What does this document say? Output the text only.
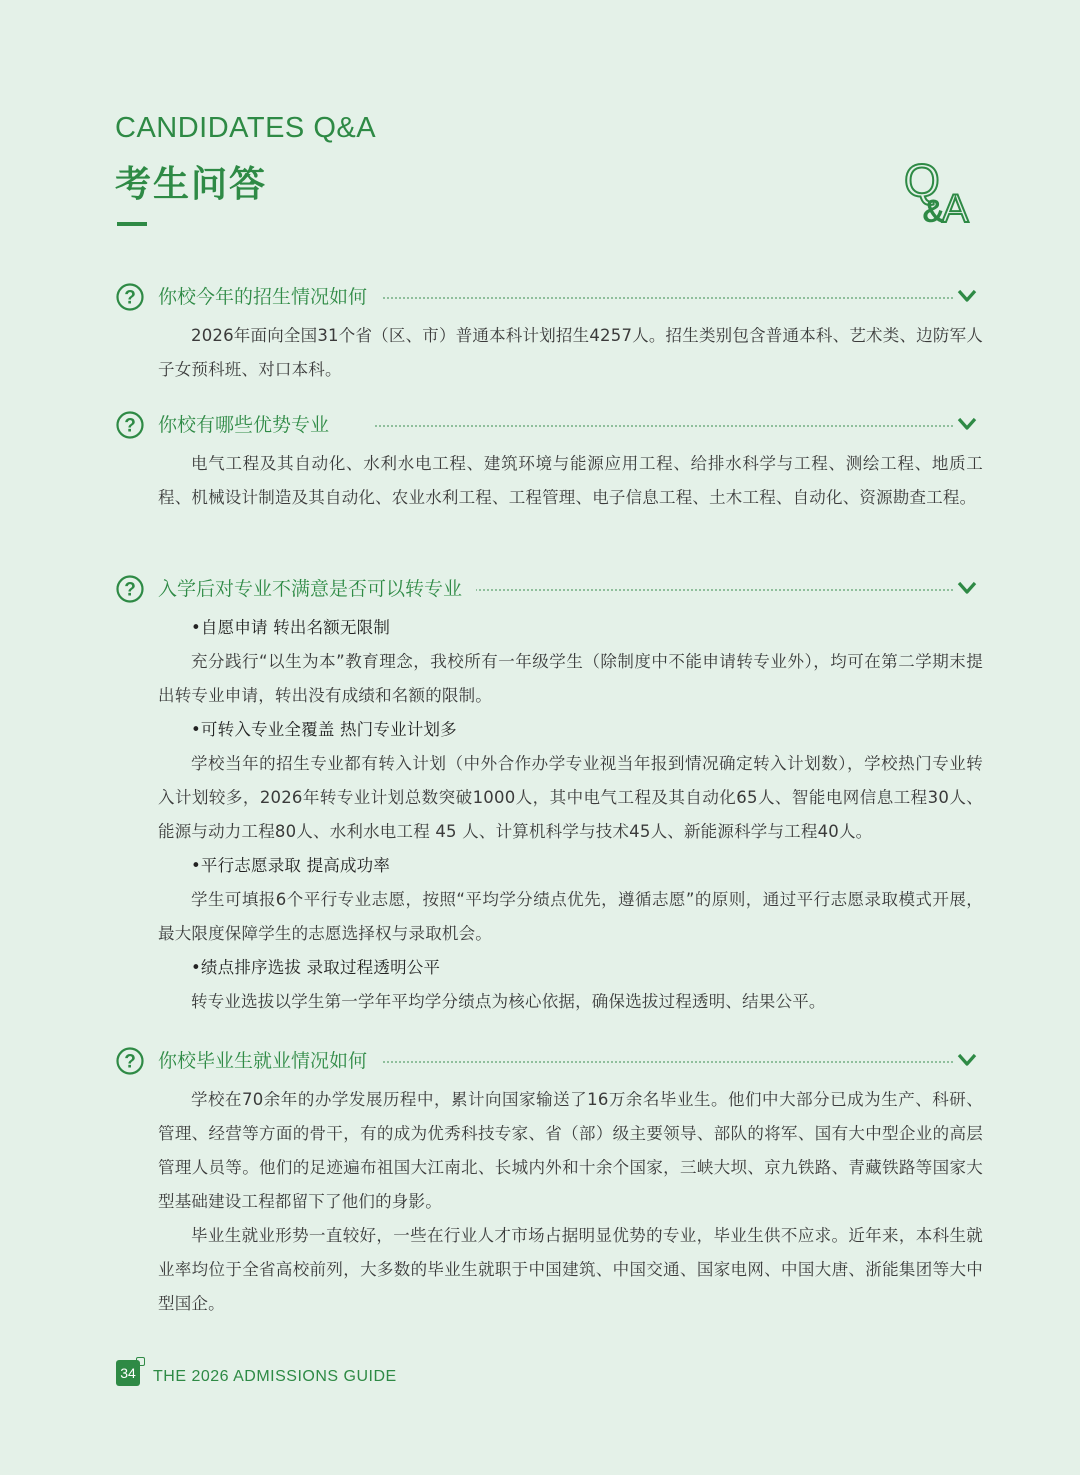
CANDIDATES Q&A
考生问答	Q
A
&
? 你校今年的招生情况如何

2026年面向全国31个省（区、市）普通本科计划招生4257人。招生类别包含普通本科、艺术类、边防军人子女预科班、对口本科。

? 你校有哪些优势专业

电气工程及其自动化、水利水电工程、建筑环境与能源应用工程、给排水科学与工程、测绘工程、地质工程、机械设计制造及其自动化、农业水利工程、工程管理、电子信息工程、土木工程、自动化、资源勘查工程。

? 入学后对专业不满意是否可以转专业

•自愿申请 转出名额无限制

充分践行“以生为本”教育理念，我校所有一年级学生（除制度中不能申请转专业外），均可在第二学期末提出转专业申请，转出没有成绩和名额的限制。

•可转入专业全覆盖 热门专业计划多

学校当年的招生专业都有转入计划（中外合作办学专业视当年报到情况确定转入计划数），学校热门专业转入计划较多，2026年转专业计划总数突破1000人，其中电气工程及其自动化65人、智能电网信息工程30人、能源与动力工程80人、水利水电工程 45 人、计算机科学与技术45人、新能源科学与工程40人。

•平行志愿录取 提高成功率

学生可填报6个平行专业志愿，按照“平均学分绩点优先，遵循志愿”的原则，通过平行志愿录取模式开展，最大限度保障学生的志愿选择权与录取机会。

•绩点排序选拔 录取过程透明公平

转专业选拔以学生第一学年平均学分绩点为核心依据，确保选拔过程透明、结果公平。

? 你校毕业生就业情况如何

学校在70余年的办学发展历程中，累计向国家输送了16万余名毕业生。他们中大部分已成为生产、科研、管理、经营等方面的骨干，有的成为优秀科技专家、省（部）级主要领导、部队的将军、国有大中型企业的高层管理人员等。他们的足迹遍布祖国大江南北、长城内外和十余个国家，三峡大坝、京九铁路、青藏铁路等国家大型基础建设工程都留下了他们的身影。

毕业生就业形势一直较好，一些在行业人才市场占据明显优势的专业，毕业生供不应求。近年来，本科生就业率均位于全省高校前列，大多数的毕业生就职于中国建筑、中国交通、国家电网、中国大唐、浙能集团等大中型国企。

34 THE 2026 ADMISSIONS GUIDE
